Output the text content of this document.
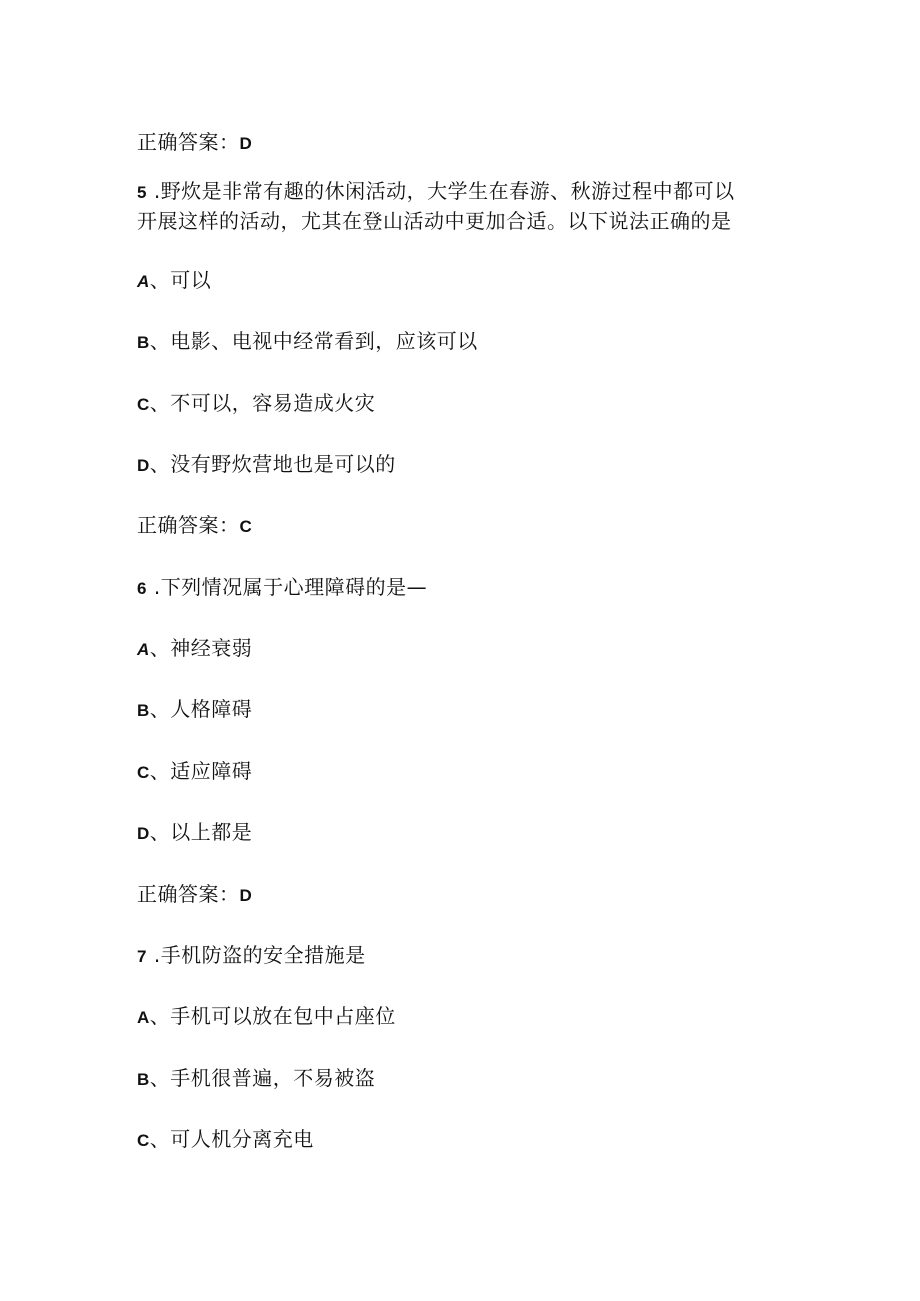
正确答案：D
5 .野炊是非常有趣的休闲活动，大学生在春游、秋游过程中都可以
开展这样的活动，尤其在登山活动中更加合适。以下说法正确的是
A、可以
B、电影、电视中经常看到，应该可以
C、不可以，容易造成火灾
D、没有野炊营地也是可以的
正确答案：C
6 .下列情况属于心理障碍的是—
A、神经衰弱
B、人格障碍
C、适应障碍
D、以上都是
正确答案：D
7 .手机防盗的安全措施是
A、手机可以放在包中占座位
B、手机很普遍，不易被盗
C、可人机分离充电
